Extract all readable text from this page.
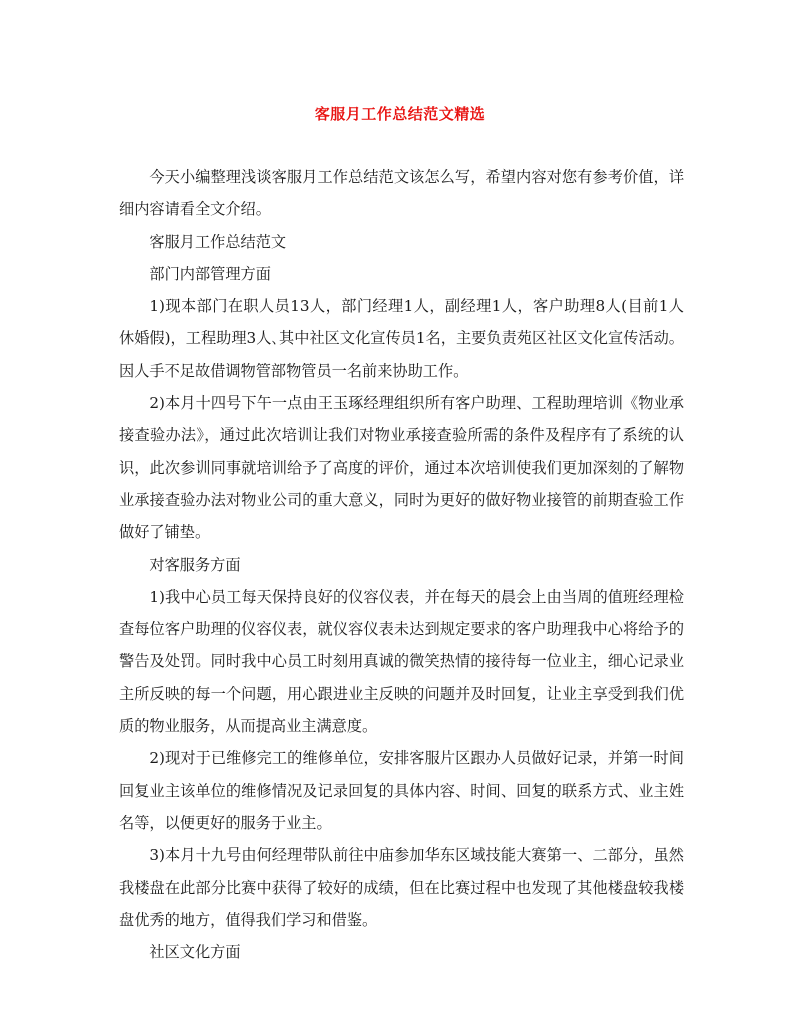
客服月工作总结范文精选

今天小编整理浅谈客服月工作总结范文该怎么写，希望内容对您有参考价值，详细内容请看全文介绍。

客服月工作总结范文

部门内部管理方面

1)现本部门在职人员13人，部门经理1人，副经理1人，客户助理8人(目前1人休婚假)，工程助理3人､其中社区文化宣传员1名，主要负责苑区社区文化宣传活动。 因人手不足故借调物管部物管员一名前来协助工作。

2)本月十四号下午一点由王玉琢经理组织所有客户助理、工程助理培训《物业承接查验办法》，通过此次培训让我们对物业承接查验所需的条件及程序有了系统的认识，此次参训同事就培训给予了高度的评价，通过本次培训使我们更加深刻的了解物业承接查验办法对物业公司的重大意义，同时为更好的做好物业接管的前期查验工作做好了铺垫。

对客服务方面

1)我中心员工每天保持良好的仪容仪表，并在每天的晨会上由当周的值班经理检查每位客户助理的仪容仪表，就仪容仪表未达到规定要求的客户助理我中心将给予的警告及处罚。同时我中心员工时刻用真诚的微笑热情的接待每一位业主，细心记录业主所反映的每一个问题，用心跟进业主反映的问题并及时回复，让业主享受到我们优质的物业服务，从而提高业主满意度。

2)现对于已维修完工的维修单位，安排客服片区跟办人员做好记录，并第一时间回复业主该单位的维修情况及记录回复的具体内容、时间、回复的联系方式、业主姓名等，以便更好的服务于业主。

3)本月十九号由何经理带队前往中庙参加华东区域技能大赛第一、二部分，虽然我楼盘在此部分比赛中获得了较好的成绩，但在比赛过程中也发现了其他楼盘较我楼盘优秀的地方，值得我们学习和借鉴。

社区文化方面
